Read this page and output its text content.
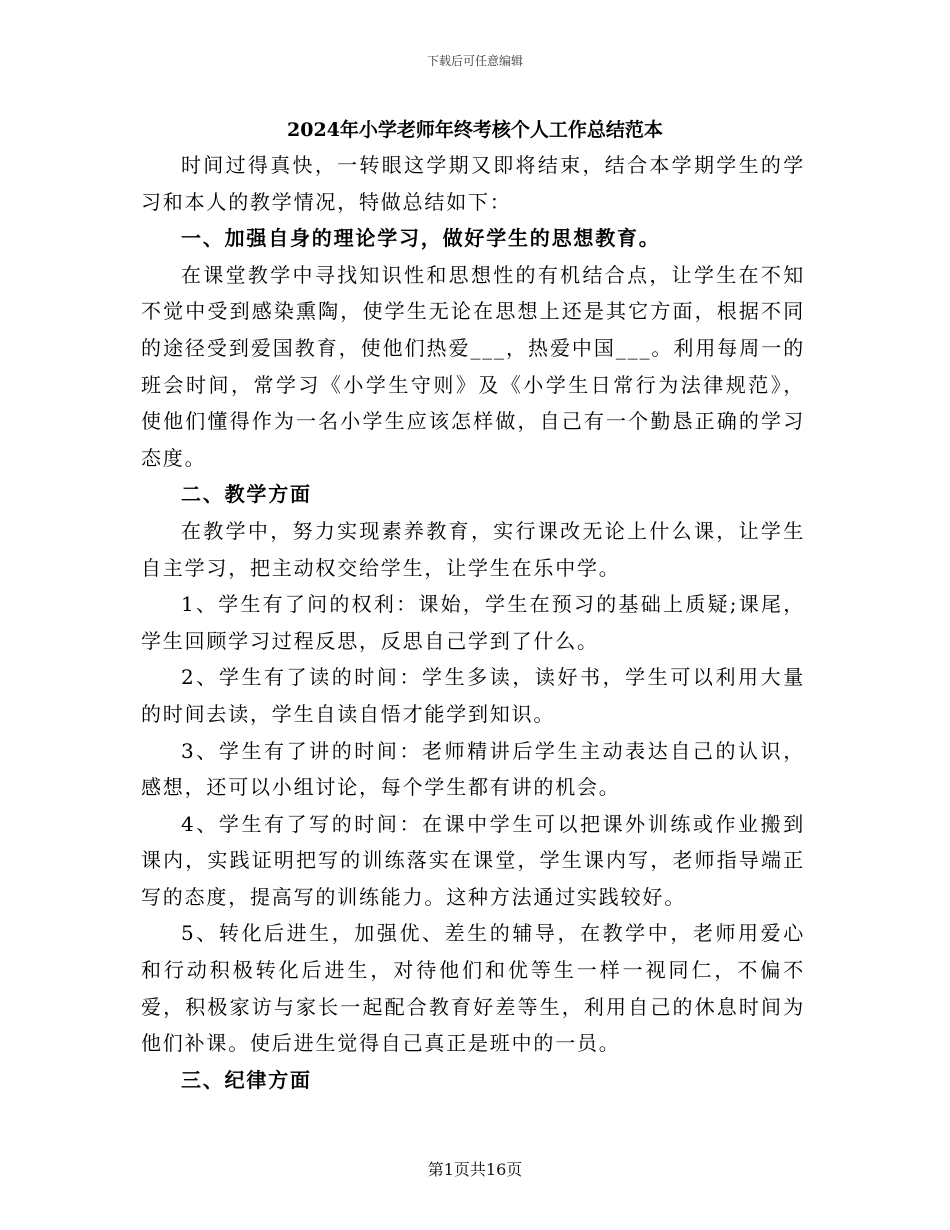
下载后可任意编辑
2024年小学老师年终考核个人工作总结范本

时间过得真快，一转眼这学期又即将结束，结合本学期学生的学习和本人的教学情况，特做总结如下：

一、加强自身的理论学习，做好学生的思想教育。

在课堂教学中寻找知识性和思想性的有机结合点，让学生在不知不觉中受到感染熏陶，使学生无论在思想上还是其它方面，根据不同的途径受到爱国教育，使他们热爱___，热爱中国___。利用每周一的班会时间，常学习《小学生守则》及《小学生日常行为法律规范》，使他们懂得作为一名小学生应该怎样做，自己有一个勤恳正确的学习态度。

二、教学方面

在教学中，努力实现素养教育，实行课改无论上什么课，让学生自主学习，把主动权交给学生，让学生在乐中学。

1、学生有了问的权利：课始，学生在预习的基础上质疑;课尾，学生回顾学习过程反思，反思自己学到了什么。

2、学生有了读的时间：学生多读，读好书，学生可以利用大量的时间去读，学生自读自悟才能学到知识。

3、学生有了讲的时间：老师精讲后学生主动表达自己的认识，感想，还可以小组讨论，每个学生都有讲的机会。

4、学生有了写的时间：在课中学生可以把课外训练或作业搬到课内，实践证明把写的训练落实在课堂，学生课内写，老师指导端正写的态度，提高写的训练能力。这种方法通过实践较好。

5、转化后进生，加强优、差生的辅导，在教学中，老师用爱心和行动积极转化后进生，对待他们和优等生一样一视同仁，不偏不爱，积极家访与家长一起配合教育好差等生，利用自己的休息时间为他们补课。使后进生觉得自己真正是班中的一员。

三、纪律方面

第1页共16页
